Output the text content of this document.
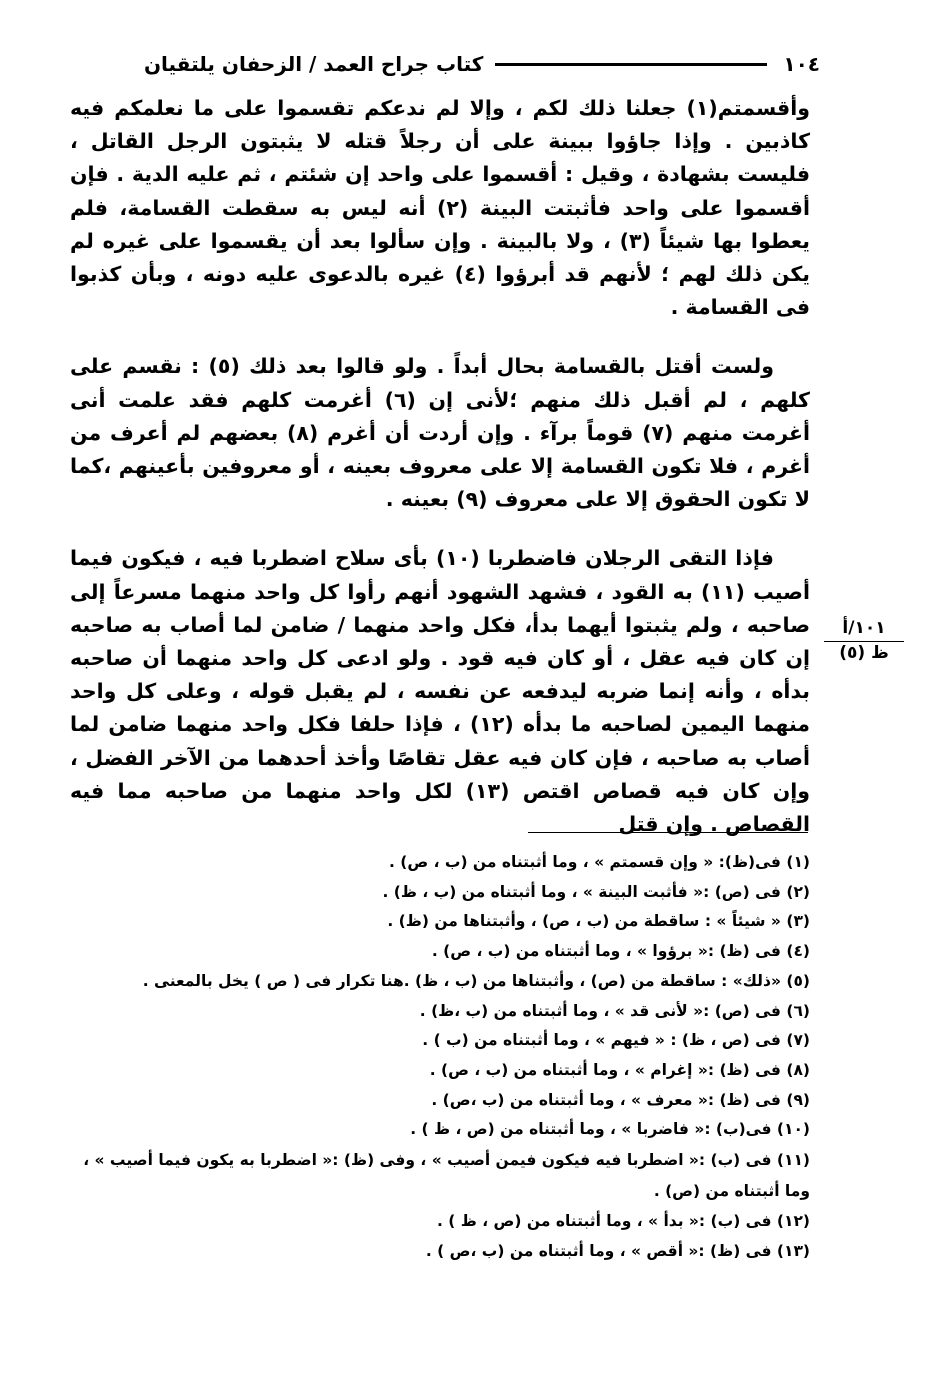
١٠٤
كتاب جراح العمد / الزحفان يلتقيان

وأقسمتم(١) جعلنا ذلك لكم ، وإلا لم ندعكم تقسموا على ما نعلمكم فيه كاذبين . وإذا جاؤوا ببينة على أن رجلاً قتله لا يثبتون الرجل القاتل ، فليست بشهادة ، وقيل : أقسموا على واحد إن شئتم ، ثم عليه الدية . فإن أقسموا على واحد فأثبتت البينة (٢) أنه ليس به سقطت القسامة، فلم يعطوا بها شيئاً (٣) ، ولا بالبينة . وإن سألوا بعد أن يقسموا على غيره لم يكن ذلك لهم ؛ لأنهم قد أبرؤوا (٤) غيره بالدعوى عليه دونه ، وبأن كذبوا فى القسامة .

ولست أقتل بالقسامة بحال أبداً . ولو قالوا بعد ذلك (٥) : نقسم على كلهم ، لم أقبل ذلك منهم ؛لأنى إن (٦) أغرمت كلهم فقد علمت أنى أغرمت منهم (٧) قوماً برآء . وإن أردت أن أغرم (٨) بعضهم لم أعرف من أغرم ، فلا تكون القسامة إلا على معروف بعينه ، أو معروفين بأعينهم ،كما لا تكون الحقوق إلا على معروف (٩) بعينه .

فإذا التقى الرجلان فاضطربا (١٠) بأى سلاح اضطربا فيه ، فيكون فيما أصيب (١١) به القود ، فشهد الشهود أنهم رأوا كل واحد منهما مسرعاً إلى صاحبه ، ولم يثبتوا أيهما بدأ، فكل واحد منهما / ضامن لما أصاب به صاحبه إن كان فيه عقل ، أو كان فيه قود . ولو ادعى كل واحد منهما أن صاحبه بدأه ، وأنه إنما ضربه ليدفعه عن نفسه ، لم يقبل قوله ، وعلى كل واحد منهما اليمين لصاحبه ما بدأه (١٢) ، فإذا حلفا فكل واحد منهما ضامن لما أصاب به صاحبه ، فإن كان فيه عقل تقاصًا وأخذ أحدهما من الآخر الفضل ، وإن كان فيه قصاص اقتص (١٣) لكل واحد منهما من صاحبه مما فيه القصاص . وإن قتل

١٠١/أ
ظ (٥)

(١) فى(ظ): « وإن قسمتم » ، وما أثبتناه من (ب ، ص) .

(٢) فى (ص) :« فأثبت البينة » ، وما أثبتناه من (ب ، ظ) .

(٣) « شيئاً » : ساقطة من (ب ، ص) ، وأثبتناها من (ظ) .

(٤) فى (ظ) :« برؤوا » ، وما أثبتناه من (ب ، ص) .

(٥) «ذلك» : ساقطة من (ص) ، وأثبتناها من (ب ، ظ) .هنا تكرار فى ( ص ) يخل بالمعنى .

(٦) فى (ص) :« لأنى قد » ، وما أثبتناه من (ب ،ظ) .

(٧) فى (ص ، ظ) : « فيهم » ، وما أثبتناه من (ب ) .

(٨) فى (ظ) :« إغرام » ، وما أثبتناه من (ب ، ص) .

(٩) فى (ظ) :« معرف » ، وما أثبتناه من (ب ،ص) .

(١٠) فى(ب) :« فاضربا » ، وما أثبتناه من (ص ، ظ ) .

(١١) فى (ب) :« اضطربا فيه فيكون فيمن أصيب » ، وفى (ظ) :« اضطربا به يكون فيما أصيب » ، وما أثبتناه من (ص) .

(١٢) فى (ب) :« بدأ » ، وما أثبتناه من (ص ، ظ ) .

(١٣) فى (ظ) :« أقص » ، وما أثبتناه من (ب ،ص ) .
